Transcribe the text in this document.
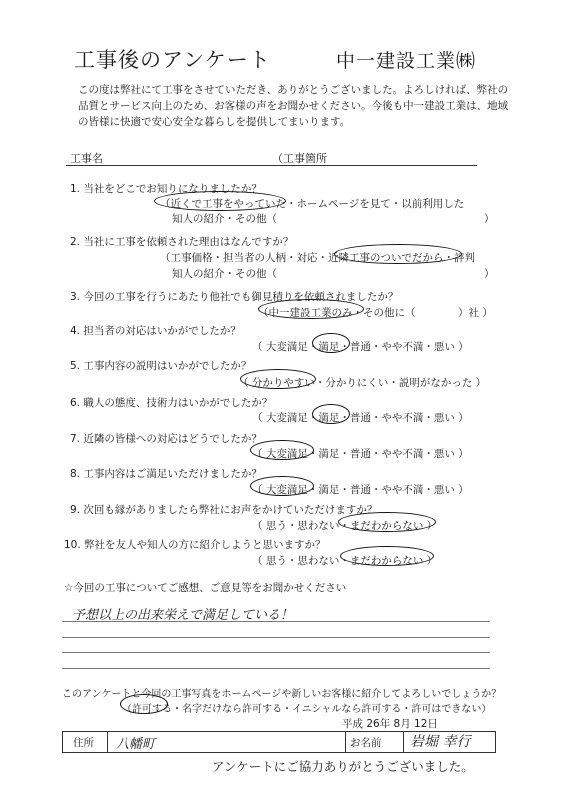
工事後のアンケート	中一建設工業㈱
この度は弊社にて工事をさせていただき、ありがとうございました。よろしければ、弊社の品質とサービス向上のため、お客様の声をお聞かせください。今後も中一建設工業は、地域の皆様に快適で安心安全な暮らしを提供してまいります。
工事名	（工事箇所
1. 当社をどこでお知りになりましたか？
（近くで工事をやっていた・ホームページを見て・以前利用した
知人の紹介・その他（	）
2. 当社に工事を依頼された理由はなんですか？
（工事価格・担当者の人柄・対応・近隣工事のついでだから・評判
知人の紹介・その他（	）
3. 今回の工事を行うにあたり他社でも御見積りを依頼されましたか？
（中一建設工業のみ・その他に（	）社 ）
4. 担当者の対応はいかがでしたか？
（ 大変満足・満足・普通・やや不満・悪い ）
5. 工事内容の説明はいかがでしたか？
（ 分かりやすい・分かりにくい・説明がなかった ）
6. 職人の態度、技術力はいかがでしたか？
（ 大変満足・満足・普通・やや不満・悪い ）
7. 近隣の皆様への対応はどうでしたか？
（ 大変満足・満足・普通・やや不満・悪い ）
8. 工事内容はご満足いただけましたか？
（ 大変満足・満足・普通・やや不満・悪い ）
9. 次回も縁がありましたら弊社にお声をかけていただけますか？
（ 思う・思わない・まだわからない ）
10. 弊社を友人や知人の方に紹介しようと思いますか？
（ 思う・思わない・まだわからない ）
☆今回の工事についてご感想、ご意見等をお聞かせください
予想以上の出来栄えで満足している！
このアンケートと今回の工事写真をホームページや新しいお客様に紹介してよろしいでしょうか？
（許可する・名字だけなら許可する・イニシャルなら許可する・許可はできない）
平成 26年 8月 12日
住所 八幡町	お名前 岩堀 幸行
アンケートにご協力ありがとうございました。
